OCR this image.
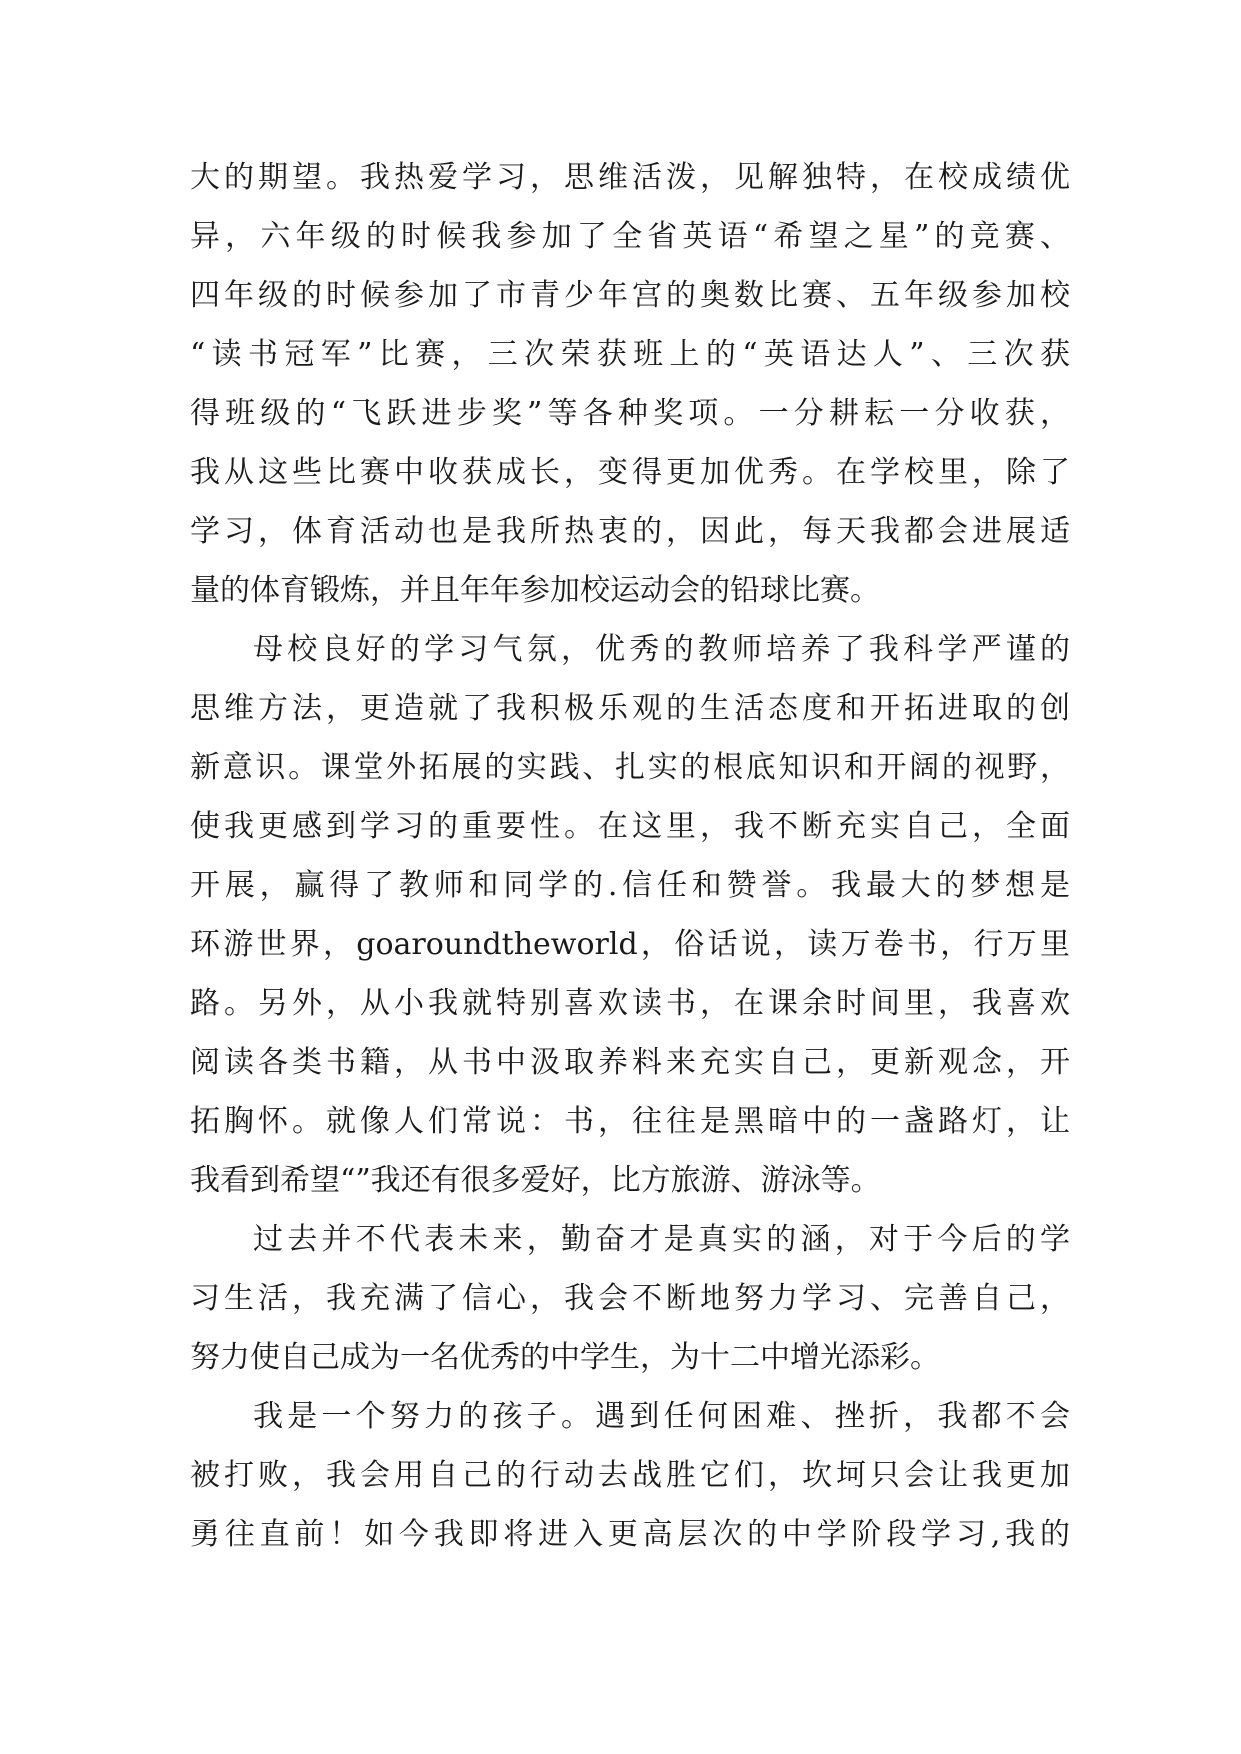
大的期望。我热爱学习，思维活泼，见解独特，在校成绩优
异，六年级的时候我参加了全省英语“希望之星”的竞赛、
四年级的时候参加了市青少年宫的奥数比赛、五年级参加校
“读书冠军”比赛，三次荣获班上的“英语达人”、三次获
得班级的“飞跃进步奖”等各种奖项。一分耕耘一分收获，
我从这些比赛中收获成长，变得更加优秀。在学校里，除了
学习，体育活动也是我所热衷的，因此，每天我都会进展适
量的体育锻炼，并且年年参加校运动会的铅球比赛。
母校良好的学习气氛，优秀的教师培养了我科学严谨的
思维方法，更造就了我积极乐观的生活态度和开拓进取的创
新意识。课堂外拓展的实践、扎实的根底知识和开阔的视野，
使我更感到学习的重要性。在这里，我不断充实自己，全面
开展，赢得了教师和同学的.信任和赞誉。我最大的梦想是
环游世界，goaroundtheworld，俗话说，读万卷书，行万里
路。另外，从小我就特别喜欢读书，在课余时间里，我喜欢
阅读各类书籍，从书中汲取养料来充实自己，更新观念，开
拓胸怀。就像人们常说：书，往往是黑暗中的一盏路灯，让
我看到希望“”我还有很多爱好，比方旅游、游泳等。
过去并不代表未来，勤奋才是真实的涵，对于今后的学
习生活，我充满了信心，我会不断地努力学习、完善自己，
努力使自己成为一名优秀的中学生，为十二中增光添彩。
我是一个努力的孩子。遇到任何困难、挫折，我都不会
被打败，我会用自己的行动去战胜它们，坎坷只会让我更加
勇往直前！如今我即将进入更高层次的中学阶段学习,我的
